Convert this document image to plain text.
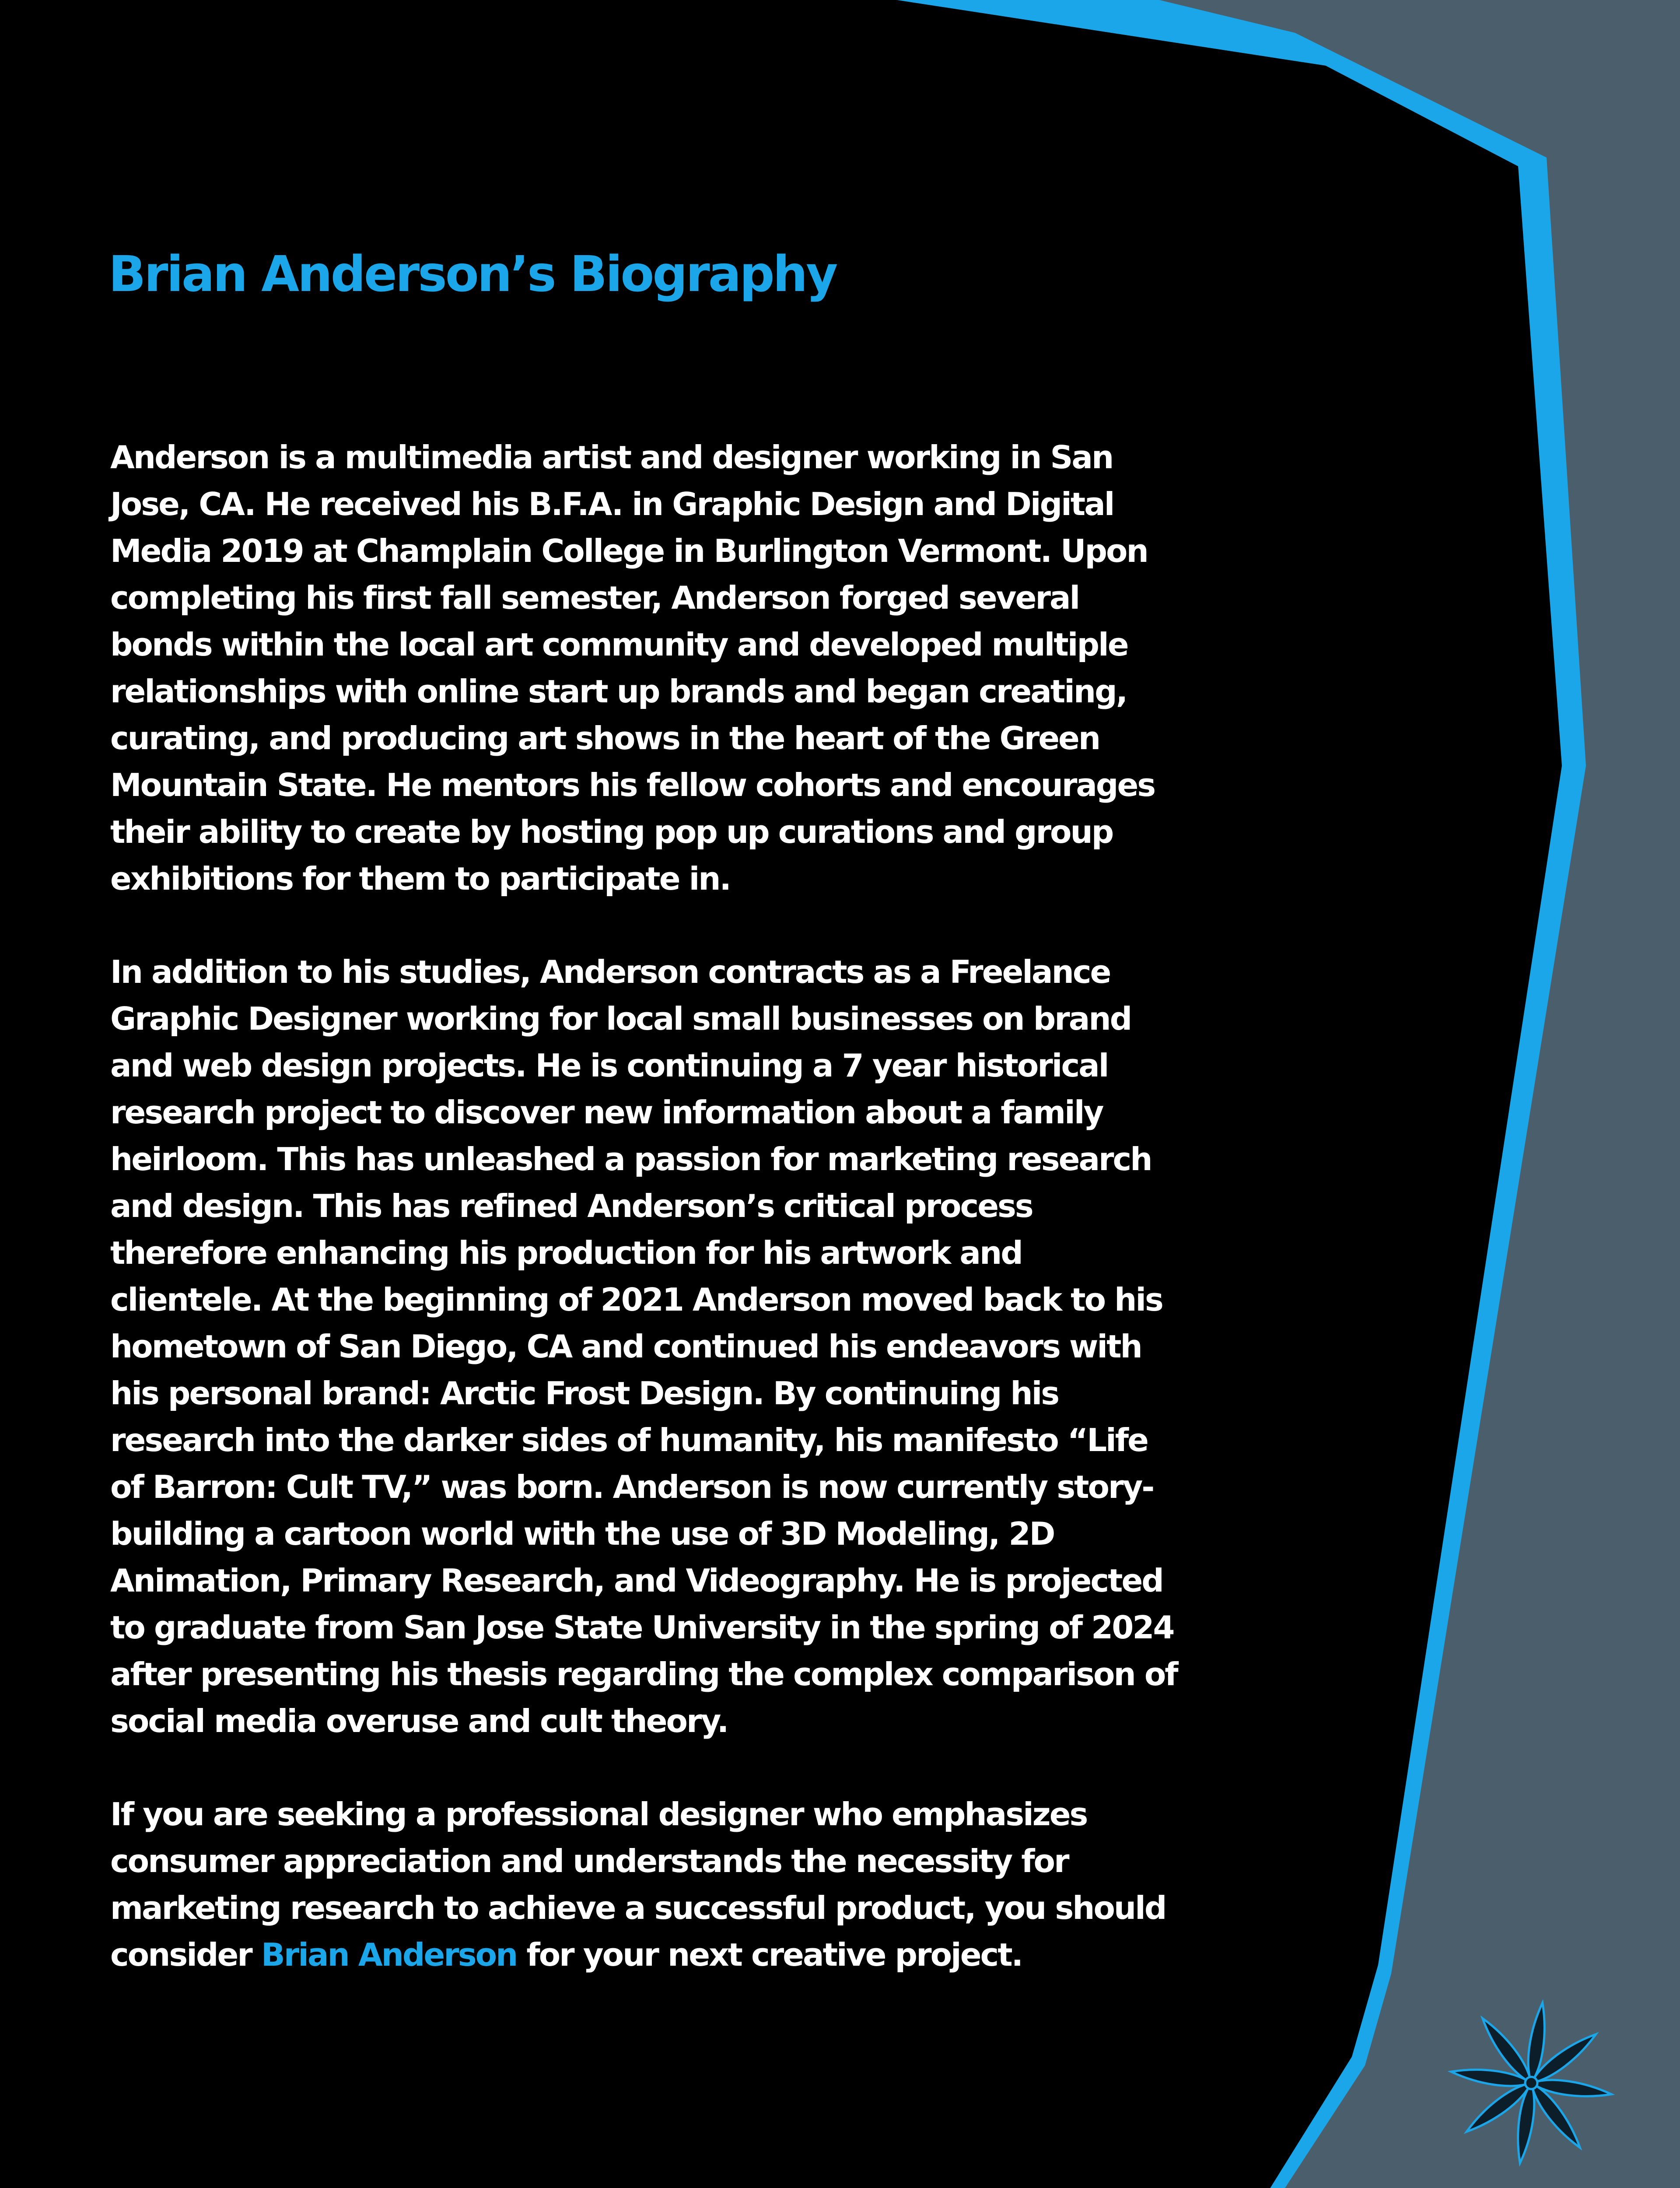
Brian Anderson’s Biography

Anderson is a multimedia artist and designer working in San Jose, CA. He received his B.F.A. in Graphic Design and Digital Media 2019 at Champlain College in Burlington Vermont. Upon completing his first fall semester, Anderson forged several bonds within the local art community and developed multiple relationships with online start up brands and began creating, curating, and producing art shows in the heart of the Green Mountain State. He mentors his fellow cohorts and encourages their ability to create by hosting pop up curations and group exhibitions for them to participate in.

In addition to his studies, Anderson contracts as a Freelance Graphic Designer working for local small businesses on brand and web design projects. He is continuing a 7 year historical research project to discover new information about a family heirloom. This has unleashed a passion for marketing research and design. This has refined Anderson’s critical process therefore enhancing his production for his artwork and clientele. At the beginning of 2021 Anderson moved back to his hometown of San Diego, CA and continued his endeavors with his personal brand: Arctic Frost Design. By continuing his research into the darker sides of humanity, his manifesto “Life of Barron: Cult TV,” was born. Anderson is now currently story-building a cartoon world with the use of 3D Modeling, 2D Animation, Primary Research, and Videography. He is projected to graduate from San Jose State University in the spring of 2024 after presenting his thesis regarding the complex comparison of social media overuse and cult theory.

If you are seeking a professional designer who emphasizes consumer appreciation and understands the necessity for marketing research to achieve a successful product, you should consider Brian Anderson for your next creative project.
